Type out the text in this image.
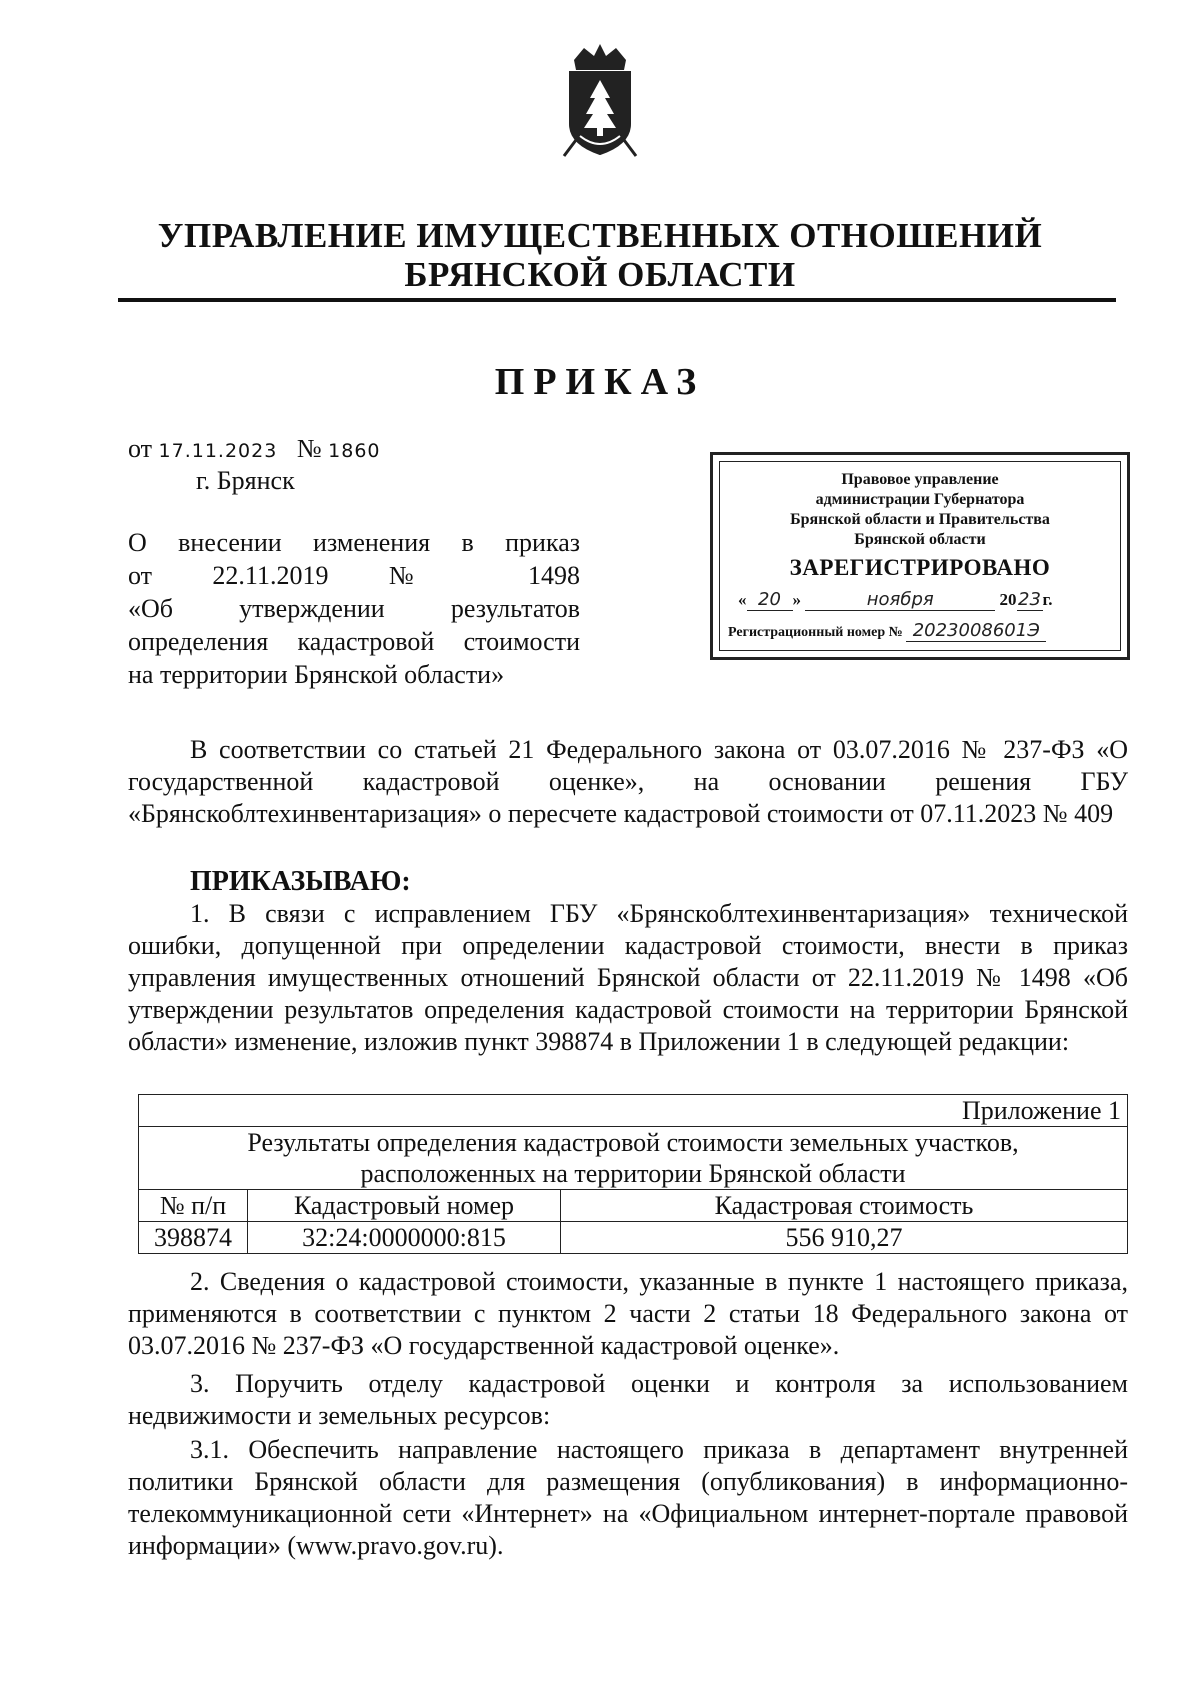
УПРАВЛЕНИЕ ИМУЩЕСТВЕННЫХ ОТНОШЕНИЙ
БРЯНСКОЙ ОБЛАСТИ
ПРИКАЗ
от 17.11.2023 № 1860
г. Брянск
О внесении изменения в приказ
от 22.11.2019 № 1498
«Об утверждении результатов
определения кадастровой стоимости
на территории Брянской области»
Правовое управление
администрации Губернатора
Брянской области и Правительства
Брянской области
ЗАРЕГИСТРИРОВАНО
« 20 »	ноября	2023г.
Регистрационный номер № 2023008601Э
В соответствии со статьей 21 Федерального закона от 03.07.2016 № 237-ФЗ «О государственной кадастровой оценке», на основании решения ГБУ «Брянскоблтехинвентаризация» о пересчете кадастровой стоимости от 07.11.2023 № 409
ПРИКАЗЫВАЮ:
1. В связи с исправлением ГБУ «Брянскоблтехинвентаризация» технической ошибки, допущенной при определении кадастровой стоимости, внести в приказ управления имущественных отношений Брянской области от 22.11.2019 № 1498 «Об утверждении результатов определения кадастровой стоимости на территории Брянской области» изменение, изложив пункт 398874 в Приложении 1 в следующей редакции:
Приложение 1		

Результаты определения кадастровой стоимости земельных участков,
расположенных на территории Брянской области		

№ п/п	Кадастровый номер	Кадастровая стоимость
398874	32:24:0000000:815	556 910,27
2. Сведения о кадастровой стоимости, указанные в пункте 1 настоящего приказа, применяются в соответствии с пунктом 2 части 2 статьи 18 Федерального закона от 03.07.2016 № 237-ФЗ «О государственной кадастровой оценке».
3. Поручить отделу кадастровой оценки и контроля за использованием недвижимости и земельных ресурсов:
3.1. Обеспечить направление настоящего приказа в департамент внутренней политики Брянской области для размещения (опубликования) в информационно-телекоммуникационной сети «Интернет» на «Официальном интернет-портале правовой информации» (www.pravo.gov.ru).
